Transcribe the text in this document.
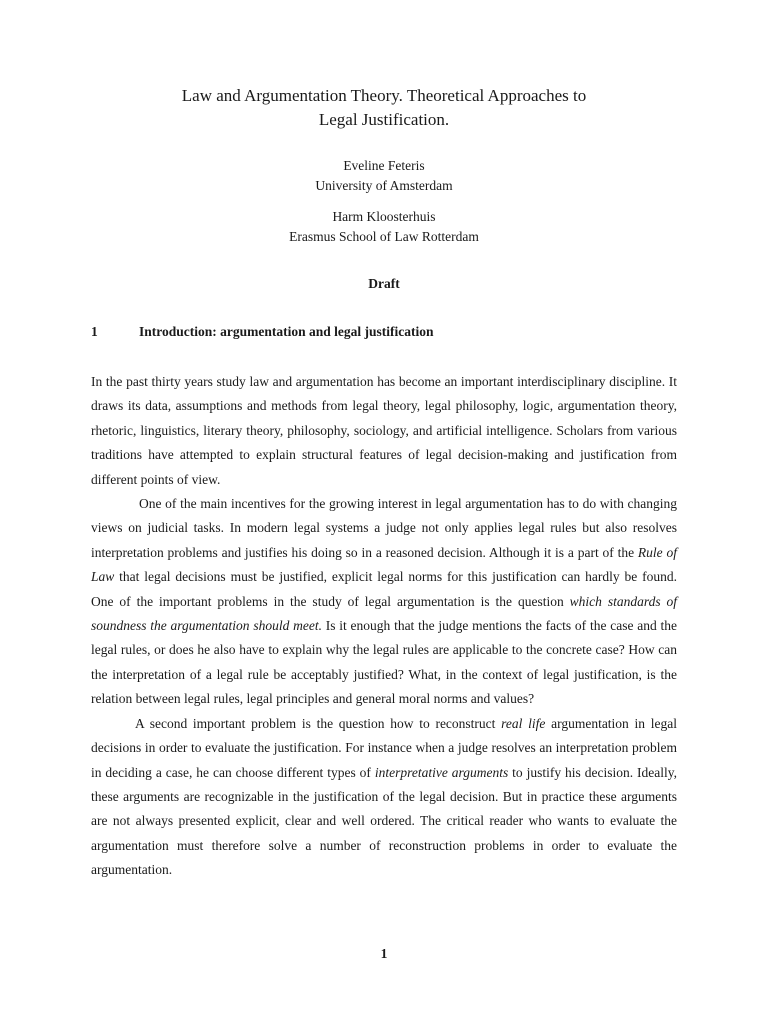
Law and Argumentation Theory. Theoretical Approaches to
Legal Justification.
Eveline Feteris
University of Amsterdam
Harm Kloosterhuis
Erasmus School of Law Rotterdam
Draft
1	Introduction: argumentation and legal justification

In the past thirty years study law and argumentation has become an important interdisciplinary discipline. It draws its data, assumptions and methods from legal theory, legal philosophy, logic, argumentation theory, rhetoric, linguistics, literary theory, philosophy, sociology, and artificial intelligence. Scholars from various traditions have attempted to explain structural features of legal decision-making and justification from different points of view.

One of the main incentives for the growing interest in legal argumentation has to do with changing views on judicial tasks. In modern legal systems a judge not only applies legal rules but also resolves interpretation problems and justifies his doing so in a reasoned decision. Although it is a part of the Rule of Law that legal decisions must be justified, explicit legal norms for this justification can hardly be found. One of the important problems in the study of legal argumentation is the question which standards of soundness the argumentation should meet. Is it enough that the judge mentions the facts of the case and the legal rules, or does he also have to explain why the legal rules are applicable to the concrete case? How can the interpretation of a legal rule be acceptably justified? What, in the context of legal justification, is the relation between legal rules, legal principles and general moral norms and values?

A second important problem is the question how to reconstruct real life argumentation in legal decisions in order to evaluate the justification. For instance when a judge resolves an interpretation problem in deciding a case, he can choose different types of interpretative arguments to justify his decision. Ideally, these arguments are recognizable in the justification of the legal decision. But in practice these arguments are not always presented explicit, clear and well ordered. The critical reader who wants to evaluate the argumentation must therefore solve a number of reconstruction problems in order to evaluate the argumentation.

1
